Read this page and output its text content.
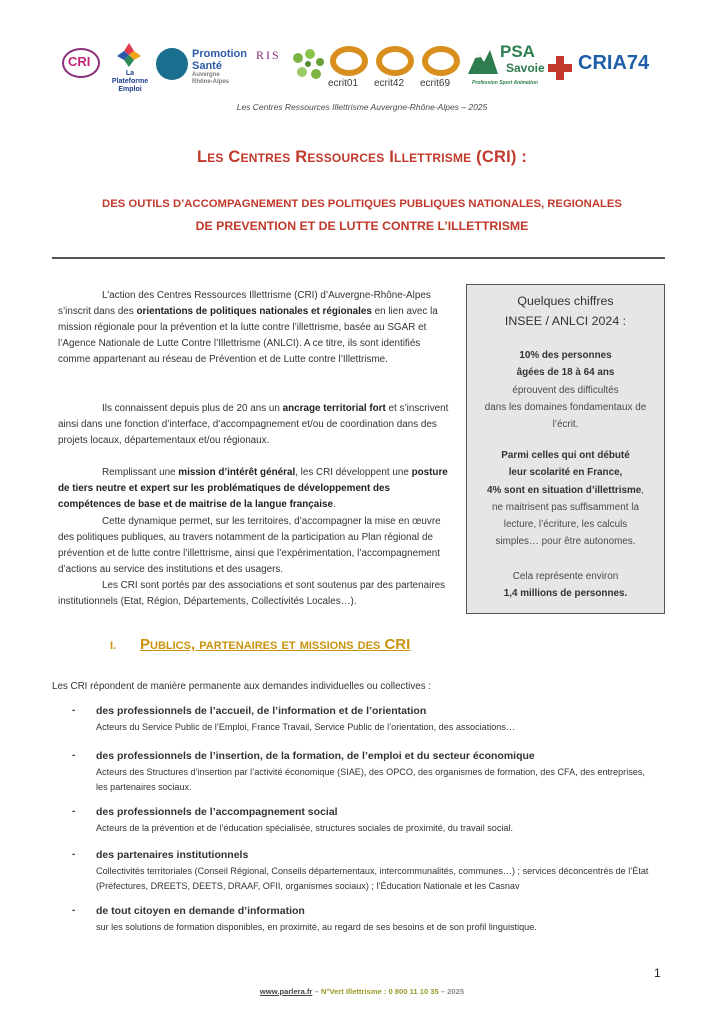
CRI
La Plateforme Emploi
Promotion
Santé
Auvergne
Rhône-Alpes
RIS
ecrit01	ecrit42	ecrit69
PSA
Savoie
Profession Sport Animation
CRIA74
Les Centres Ressources Illettrisme Auvergne-Rhône-Alpes – 2025
Les Centres Ressources Illettrisme (CRI) :
DES OUTILS D’ACCOMPAGNEMENT DES POLITIQUES PUBLIQUES NATIONALES, REGIONALES
DE PREVENTION ET DE LUTTE CONTRE L’ILLETTRISME

L’action des Centres Ressources Illettrisme (CRI) d’Auvergne-Rhône-Alpes s’inscrit dans des orientations de politiques nationales et régionales en lien avec la mission régionale pour la prévention et la lutte contre l’illettrisme, basée au SGAR et l’Agence Nationale de Lutte Contre l’Illettrisme (ANLCI). A ce titre, ils sont identifiés comme appartenant au réseau de Prévention et de Lutte contre l’Illettrisme.

Ils connaissent depuis plus de 20 ans un ancrage territorial fort et s’inscrivent ainsi dans une fonction d’interface, d’accompagnement et/ou de coordination dans des projets locaux, départementaux et/ou régionaux.

Remplissant une mission d’intérêt général, les CRI développent une posture de tiers neutre et expert sur les problématiques de développement des compétences de base et de maitrise de la langue française.

Cette dynamique permet, sur les territoires, d’accompagner la mise en œuvre des politiques publiques, au travers notamment de la participation au Plan régional de prévention et de lutte contre l’illettrisme, ainsi que l’expérimentation, l’accompagnement d’actions au service des institutions et des usagers.

Les CRI sont portés par des associations et sont soutenus par des partenaires institutionnels (Etat, Région, Départements, Collectivités Locales…).

Quelques chiffres
INSEE / ANLCI 2024 :
10% des personnes
âgées de 18 à 64 ans
éprouvent des difficultés
dans les domaines fondamentaux de
l’écrit.
Parmi celles qui ont débuté
leur scolarité en France,
4% sont en situation d’illettrisme,
ne maitrisent pas suffisamment la
lecture, l’écriture, les calculs
simples… pour être autonomes.
Cela représente environ
1,4 millions de personnes.
I. Publics, partenaires et missions des CRI

Les CRI répondent de manière permanente aux demandes individuelles ou collectives :

- des professionnels de l’accueil, de l’information et de l’orientation

Acteurs du Service Public de l’Emploi, France Travail, Service Public de l’orientation, des associations…

- des professionnels de l’insertion, de la formation, de l’emploi et du secteur économique

Acteurs des Structures d’insertion par l’activité économique (SIAE), des OPCO, des organismes de formation, des CFA, des entreprises, les partenaires sociaux.

- des professionnels de l’accompagnement social

Acteurs de la prévention et de l’éducation spécialisée, structures sociales de proximité, du travail social.

- des partenaires institutionnels

Collectivités territoriales (Conseil Régional, Conseils départementaux, intercommunalités, communes…) ; services déconcentrés de l’État (Préfectures, DREETS, DEETS, DRAAF, OFII, organismes sociaux) ; l’Éducation Nationale et les Casnav

- de tout citoyen en demande d’information

sur les solutions de formation disponibles, en proximité, au regard de ses besoins et de son profil linguistique.

1
www.parlera.fr – N°Vert Illettrisme : 0 800 11 10 35 – 2025
